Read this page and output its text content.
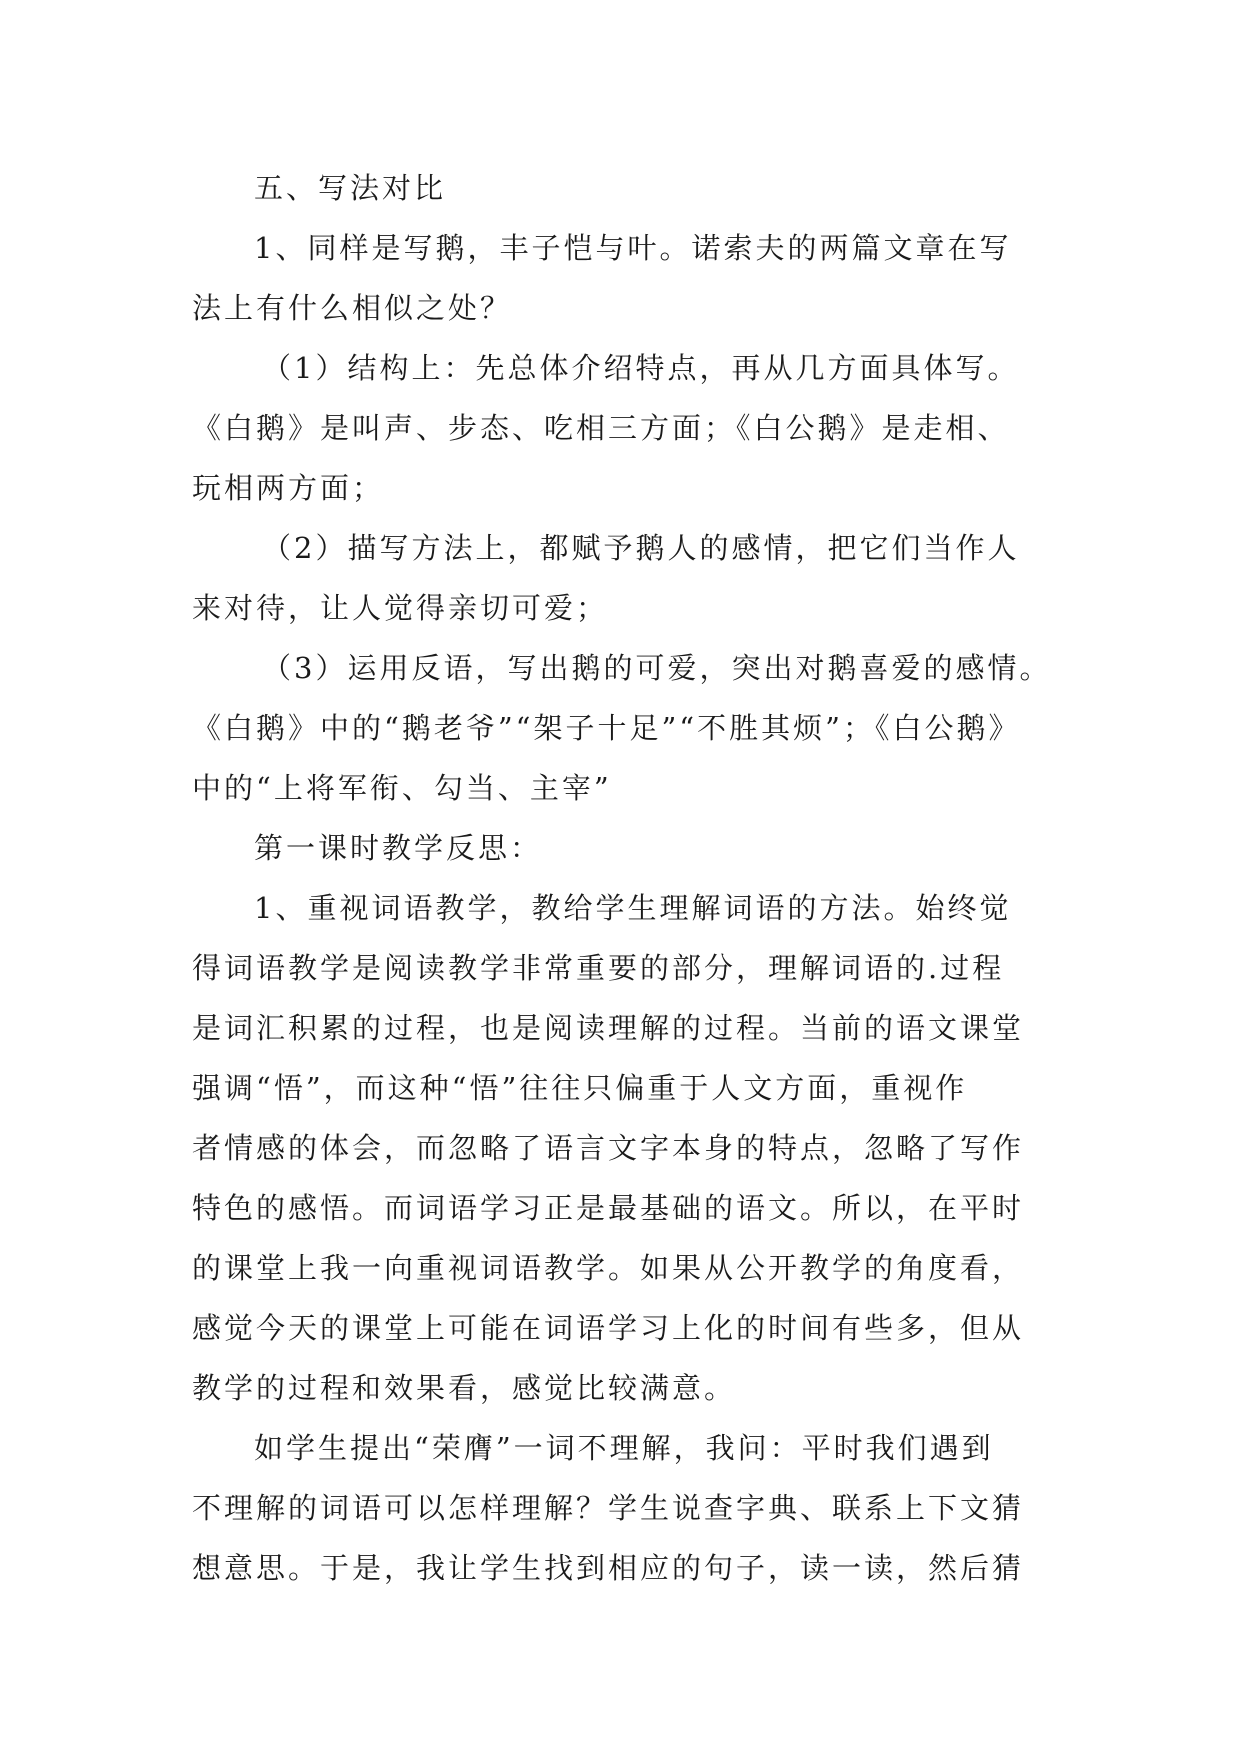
五、写法对比
1、同样是写鹅，丰子恺与叶。诺索夫的两篇文章在写
法上有什么相似之处？
（1）结构上：先总体介绍特点，再从几方面具体写。
《白鹅》是叫声、步态、吃相三方面；《白公鹅》是走相、
玩相两方面；
（2）描写方法上，都赋予鹅人的感情，把它们当作人
来对待，让人觉得亲切可爱；
（3）运用反语，写出鹅的可爱，突出对鹅喜爱的感情。
《白鹅》中的“鹅老爷”“架子十足”“不胜其烦”；《白公鹅》
中的“上将军衔、勾当、主宰”
第一课时教学反思：
1、重视词语教学，教给学生理解词语的方法。始终觉
得词语教学是阅读教学非常重要的部分，理解词语的.过程
是词汇积累的过程，也是阅读理解的过程。当前的语文课堂
强调“悟”，而这种“悟”往往只偏重于人文方面，重视作
者情感的体会，而忽略了语言文字本身的特点，忽略了写作
特色的感悟。而词语学习正是最基础的语文。所以，在平时
的课堂上我一向重视词语教学。如果从公开教学的角度看，
感觉今天的课堂上可能在词语学习上化的时间有些多，但从
教学的过程和效果看，感觉比较满意。
如学生提出“荣膺”一词不理解，我问：平时我们遇到
不理解的词语可以怎样理解？学生说查字典、联系上下文猜
想意思。于是，我让学生找到相应的句子，读一读，然后猜
